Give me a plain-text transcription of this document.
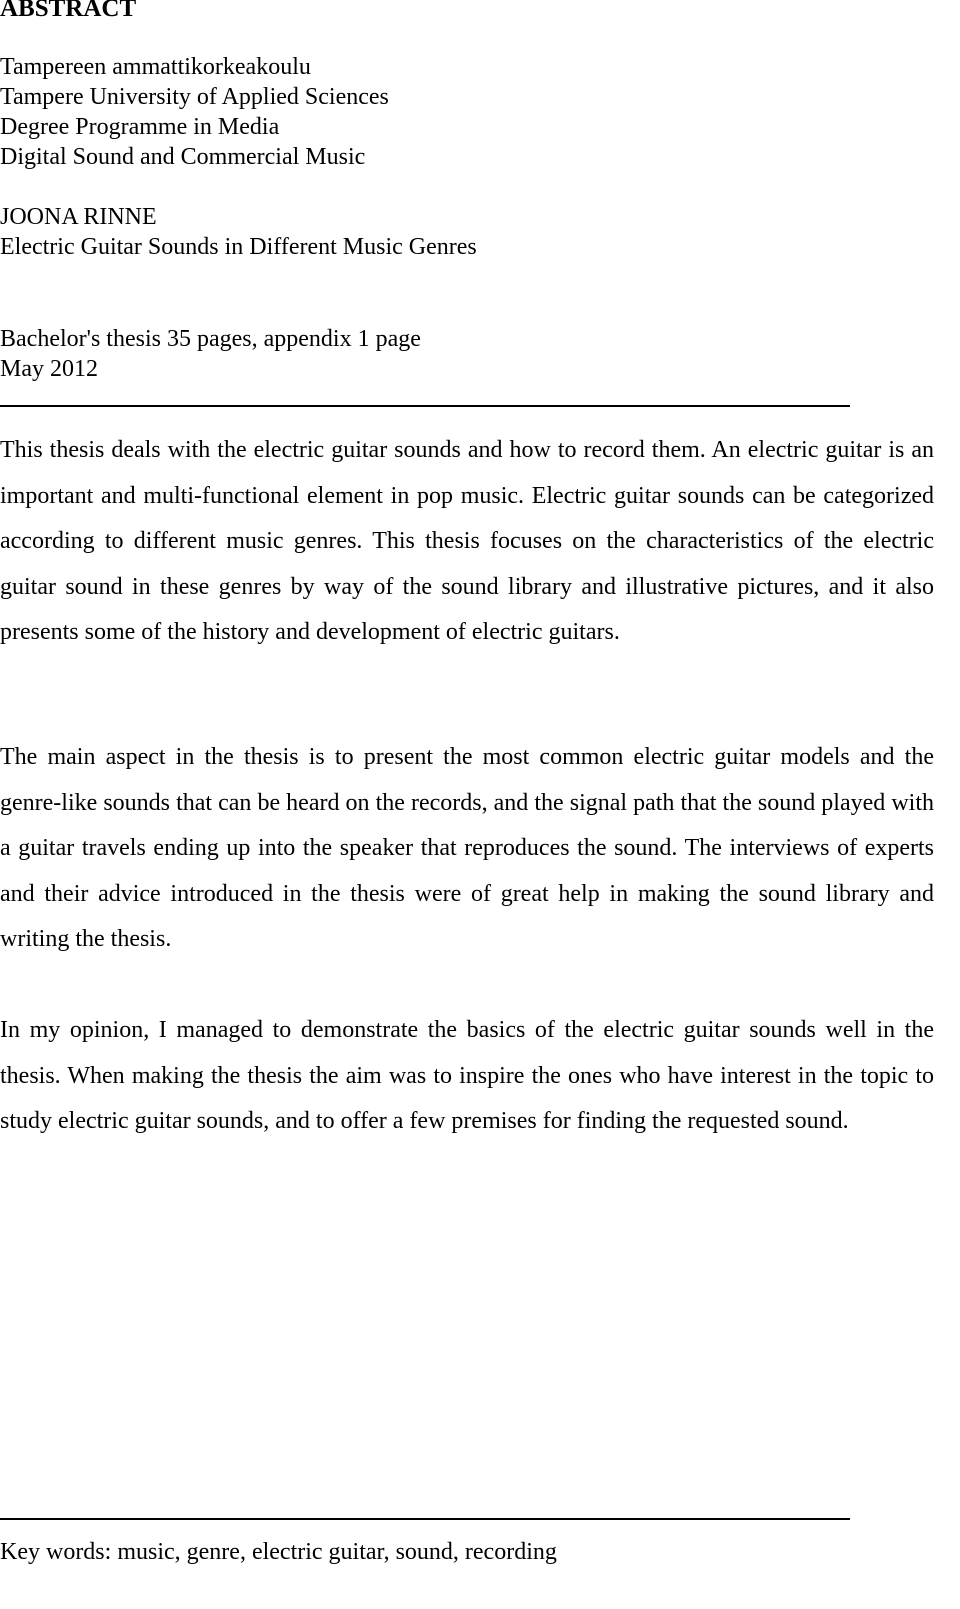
ABSTRACT
Tampereen ammattikorkeakoulu
Tampere University of Applied Sciences
Degree Programme in Media
Digital Sound and Commercial Music
JOONA RINNE
Electric Guitar Sounds in Different Music Genres
Bachelor's thesis 35 pages, appendix 1 page
May 2012

This thesis deals with the electric guitar sounds and how to record them. An electric guitar is an important and multi-functional element in pop music. Electric guitar sounds can be categorized according to different music genres. This thesis focuses on the characteristics of the electric guitar sound in these genres by way of the sound library and illustrative pictures, and it also presents some of the history and development of electric guitars.

The main aspect in the thesis is to present the most common electric guitar models and the genre-like sounds that can be heard on the records, and the signal path that the sound played with a guitar travels ending up into the speaker that reproduces the sound. The interviews of experts and their advice introduced in the thesis were of great help in making the sound library and writing the thesis.

In my opinion, I managed to demonstrate the basics of the electric guitar sounds well in the thesis. When making the thesis the aim was to inspire the ones who have interest in the topic to study electric guitar sounds, and to offer a few premises for finding the requested sound.

Key words: music, genre, electric guitar, sound, recording
